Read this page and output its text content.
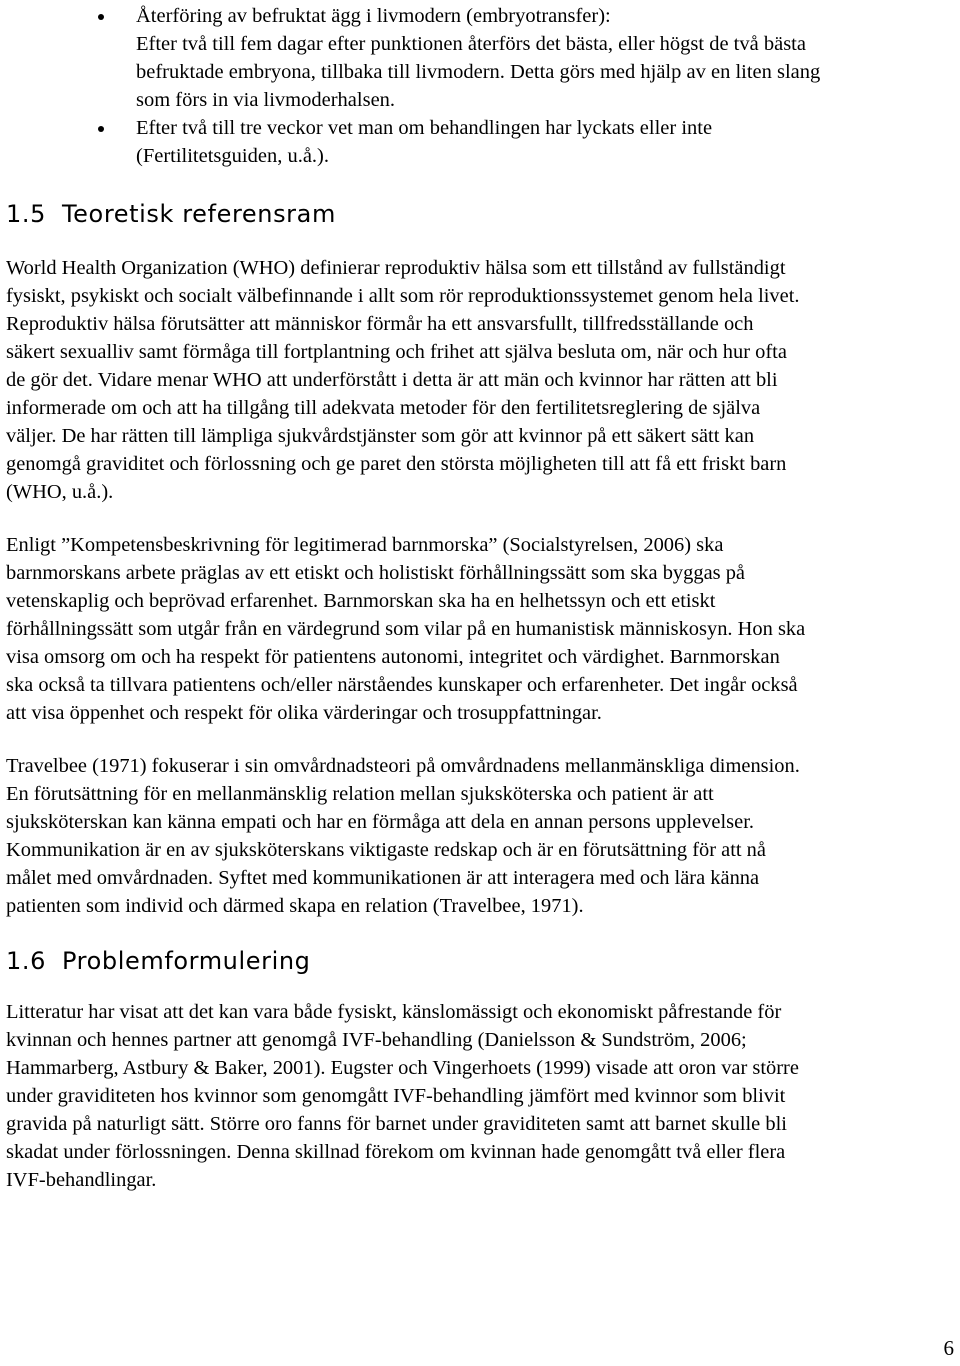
Återföring av befruktat ägg i livmodern (embryotransfer):
Efter två till fem dagar efter punktionen återförs det bästa, eller högst de två bästa
befruktade embryona, tillbaka till livmodern. Detta görs med hjälp av en liten slang
som förs in via livmoderhalsen.
Efter två till tre veckor vet man om behandlingen har lyckats eller inte
(Fertilitetsguiden, u.å.).
1.5 Teoretisk referensram
World Health Organization (WHO) definierar reproduktiv hälsa som ett tillstånd av fullständigt
fysiskt, psykiskt och socialt välbefinnande i allt som rör reproduktionssystemet genom hela livet.
Reproduktiv hälsa förutsätter att människor förmår ha ett ansvarsfullt, tillfredsställande och
säkert sexualliv samt förmåga till fortplantning och frihet att själva besluta om, när och hur ofta
de gör det. Vidare menar WHO att underförstått i detta är att män och kvinnor har rätten att bli
informerade om och att ha tillgång till adekvata metoder för den fertilitetsreglering de själva
väljer. De har rätten till lämpliga sjukvårdstjänster som gör att kvinnor på ett säkert sätt kan
genomgå graviditet och förlossning och ge paret den största möjligheten till att få ett friskt barn
(WHO, u.å.).
Enligt ”Kompetensbeskrivning för legitimerad barnmorska” (Socialstyrelsen, 2006) ska
barnmorskans arbete präglas av ett etiskt och holistiskt förhållningssätt som ska byggas på
vetenskaplig och beprövad erfarenhet. Barnmorskan ska ha en helhetssyn och ett etiskt
förhållningssätt som utgår från en värdegrund som vilar på en humanistisk människosyn. Hon ska
visa omsorg om och ha respekt för patientens autonomi, integritet och värdighet. Barnmorskan
ska också ta tillvara patientens och/eller närståendes kunskaper och erfarenheter. Det ingår också
att visa öppenhet och respekt för olika värderingar och trosuppfattningar.
Travelbee (1971) fokuserar i sin omvårdnadsteori på omvårdnadens mellanmänskliga dimension.
En förutsättning för en mellanmänsklig relation mellan sjuksköterska och patient är att
sjuksköterskan kan känna empati och har en förmåga att dela en annan persons upplevelser.
Kommunikation är en av sjuksköterskans viktigaste redskap och är en förutsättning för att nå
målet med omvårdnaden. Syftet med kommunikationen är att interagera med och lära känna
patienten som individ och därmed skapa en relation (Travelbee, 1971).
1.6 Problemformulering
Litteratur har visat att det kan vara både fysiskt, känslomässigt och ekonomiskt påfrestande för
kvinnan och hennes partner att genomgå IVF-behandling (Danielsson & Sundström, 2006;
Hammarberg, Astbury & Baker, 2001). Eugster och Vingerhoets (1999) visade att oron var större
under graviditeten hos kvinnor som genomgått IVF-behandling jämfört med kvinnor som blivit
gravida på naturligt sätt. Större oro fanns för barnet under graviditeten samt att barnet skulle bli
skadat under förlossningen. Denna skillnad förekom om kvinnan hade genomgått två eller flera
IVF-behandlingar.
6
